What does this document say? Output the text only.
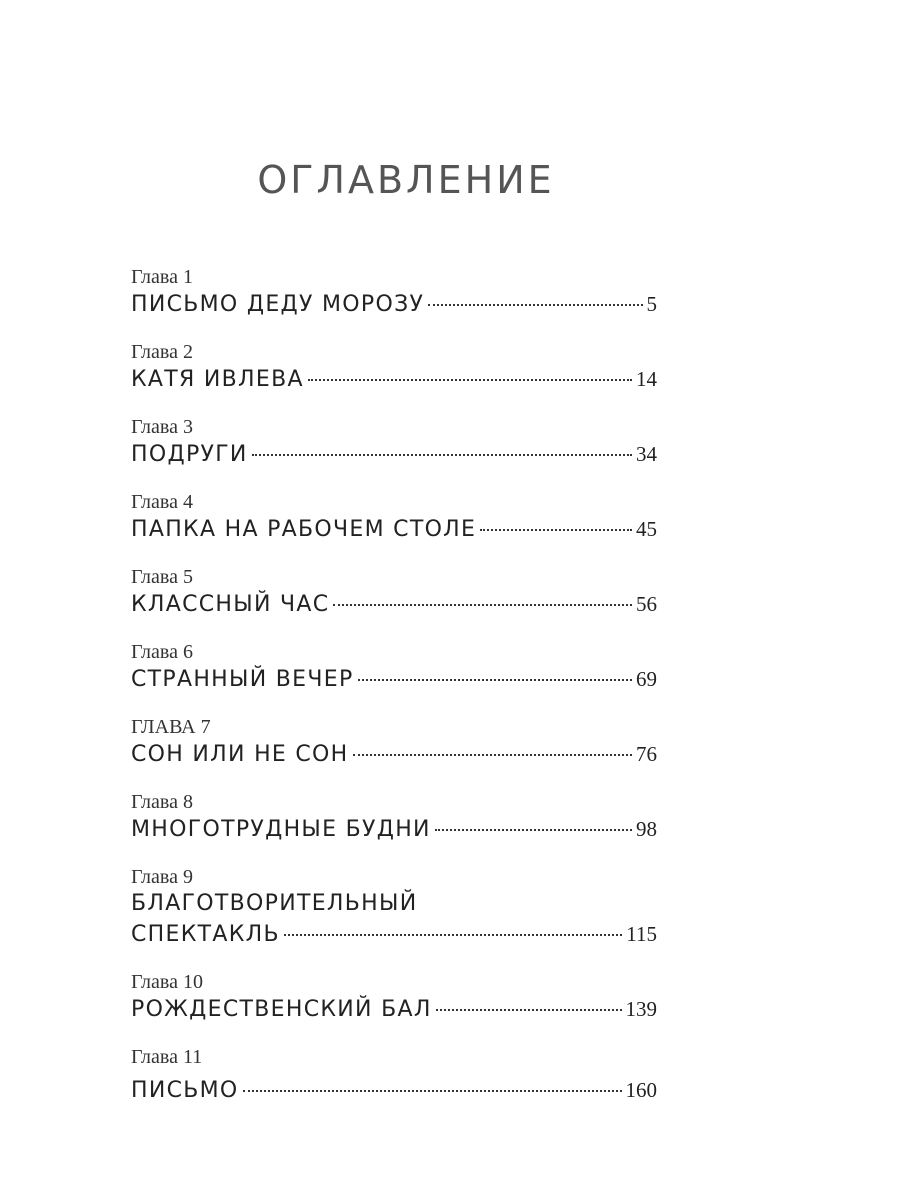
ОГЛАВЛЕНИЕ
Глава 1
ПИСЬМО ДЕДУ МОРОЗУ	5
Глава 2
КАТЯ ИВЛЕВА	14
Глава 3
ПОДРУГИ	34
Глава 4
ПАПКА НА РАБОЧЕМ СТОЛЕ	45
Глава 5
КЛАССНЫЙ ЧАС	56
Глава 6
СТРАННЫЙ ВЕЧЕР	69
ГЛАВА 7
СОН ИЛИ НЕ СОН	76
Глава 8
МНОГОТРУДНЫЕ БУДНИ	98
Глава 9
БЛАГОТВОРИТЕЛЬНЫЙ
СПЕКТАКЛЬ	115
Глава 10
РОЖДЕСТВЕНСКИЙ БАЛ	139
Глава 11
ПИСЬМО	160
